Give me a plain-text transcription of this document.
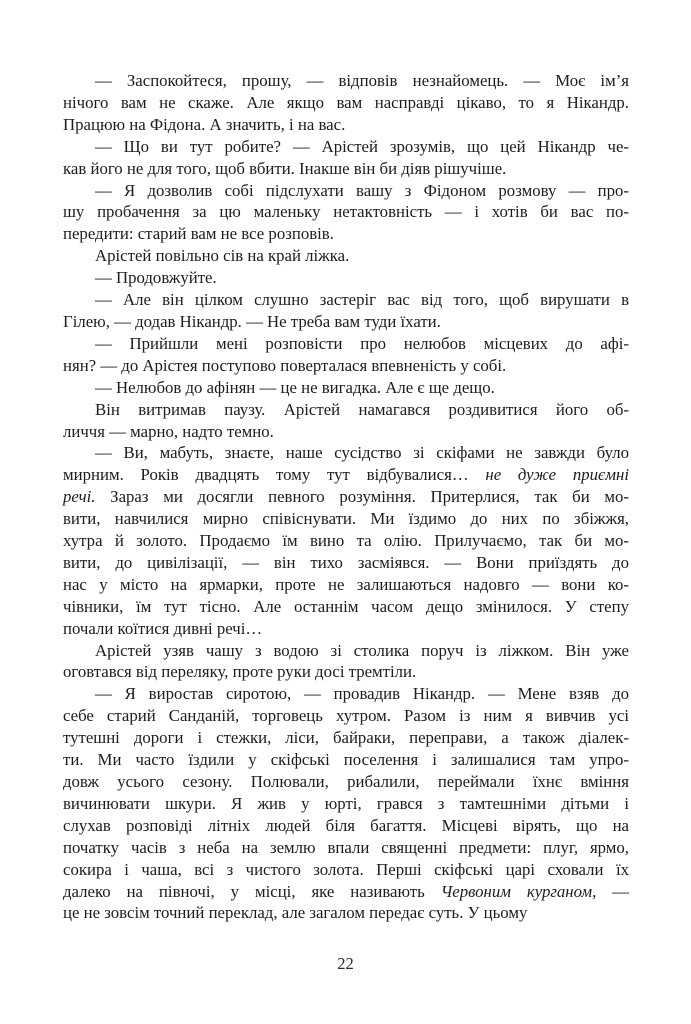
— Заспокойтеся, прошу, — відповів незнайомець. — Моє ім’я
нічого вам не скаже. Але якщо вам насправді цікаво, то я Нікандр.
Працюю на Фідона. А значить, і на вас.
— Що ви тут робите? — Арістей зрозумів, що цей Нікандр че-
кав його не для того, щоб вбити. Інакше він би діяв рішучіше.
— Я дозволив собі підслухати вашу з Фідоном розмову — про-
шу пробачення за цю маленьку нетактовність — і хотів би вас по-
передити: старий вам не все розповів.
Арістей повільно сів на край ліжка.
— Продовжуйте.
— Але він цілком слушно застеріг вас від того, щоб вирушати в
Гілею, — додав Нікандр. — Не треба вам туди їхати.
— Прийшли мені розповісти про нелюбов місцевих до афі-
нян? — до Арістея поступово поверталася впевненість у собі.
— Нелюбов до афінян — це не вигадка. Але є ще дещо.
Він витримав паузу. Арістей намагався роздивитися його об-
личчя — марно, надто темно.
— Ви, мабуть, знаєте, наше сусідство зі скіфами не завжди було
мирним. Років двадцять тому тут відбувалися… не дуже приємні
речі. Зараз ми досягли певного розуміння. Притерлися, так би мо-
вити, навчилися мирно співіснувати. Ми їздимо до них по збіжжя,
хутра й золото. Продаємо їм вино та олію. Прилучаємо, так би мо-
вити, до цивілізації, — він тихо засміявся. — Вони приїздять до
нас у місто на ярмарки, проте не залишаються надовго — вони ко-
чівники, їм тут тісно. Але останнім часом дещо змінилося. У степу
почали коїтися дивні речі…
Арістей узяв чашу з водою зі столика поруч із ліжком. Він уже
оговтався від переляку, проте руки досі тремтіли.
— Я виростав сиротою, — провадив Нікандр. — Мене взяв до
себе старий Санданій, торговець хутром. Разом із ним я вивчив усі
тутешні дороги і стежки, ліси, байраки, переправи, а також діалек-
ти. Ми часто їздили у скіфські поселення і залишалися там упро-
довж усього сезону. Полювали, рибалили, переймали їхнє вміння
вичинювати шкури. Я жив у юрті, грався з тамтешніми дітьми і
слухав розповіді літніх людей біля багаття. Місцеві вірять, що на
початку часів з неба на землю впали священні предмети: плуг, ярмо,
сокира і чаша, всі з чистого золота. Перші скіфські царі сховали їх
далеко на півночі, у місці, яке називають Червоним курганом, —
це не зовсім точний переклад, але загалом передає суть. У цьому
22
